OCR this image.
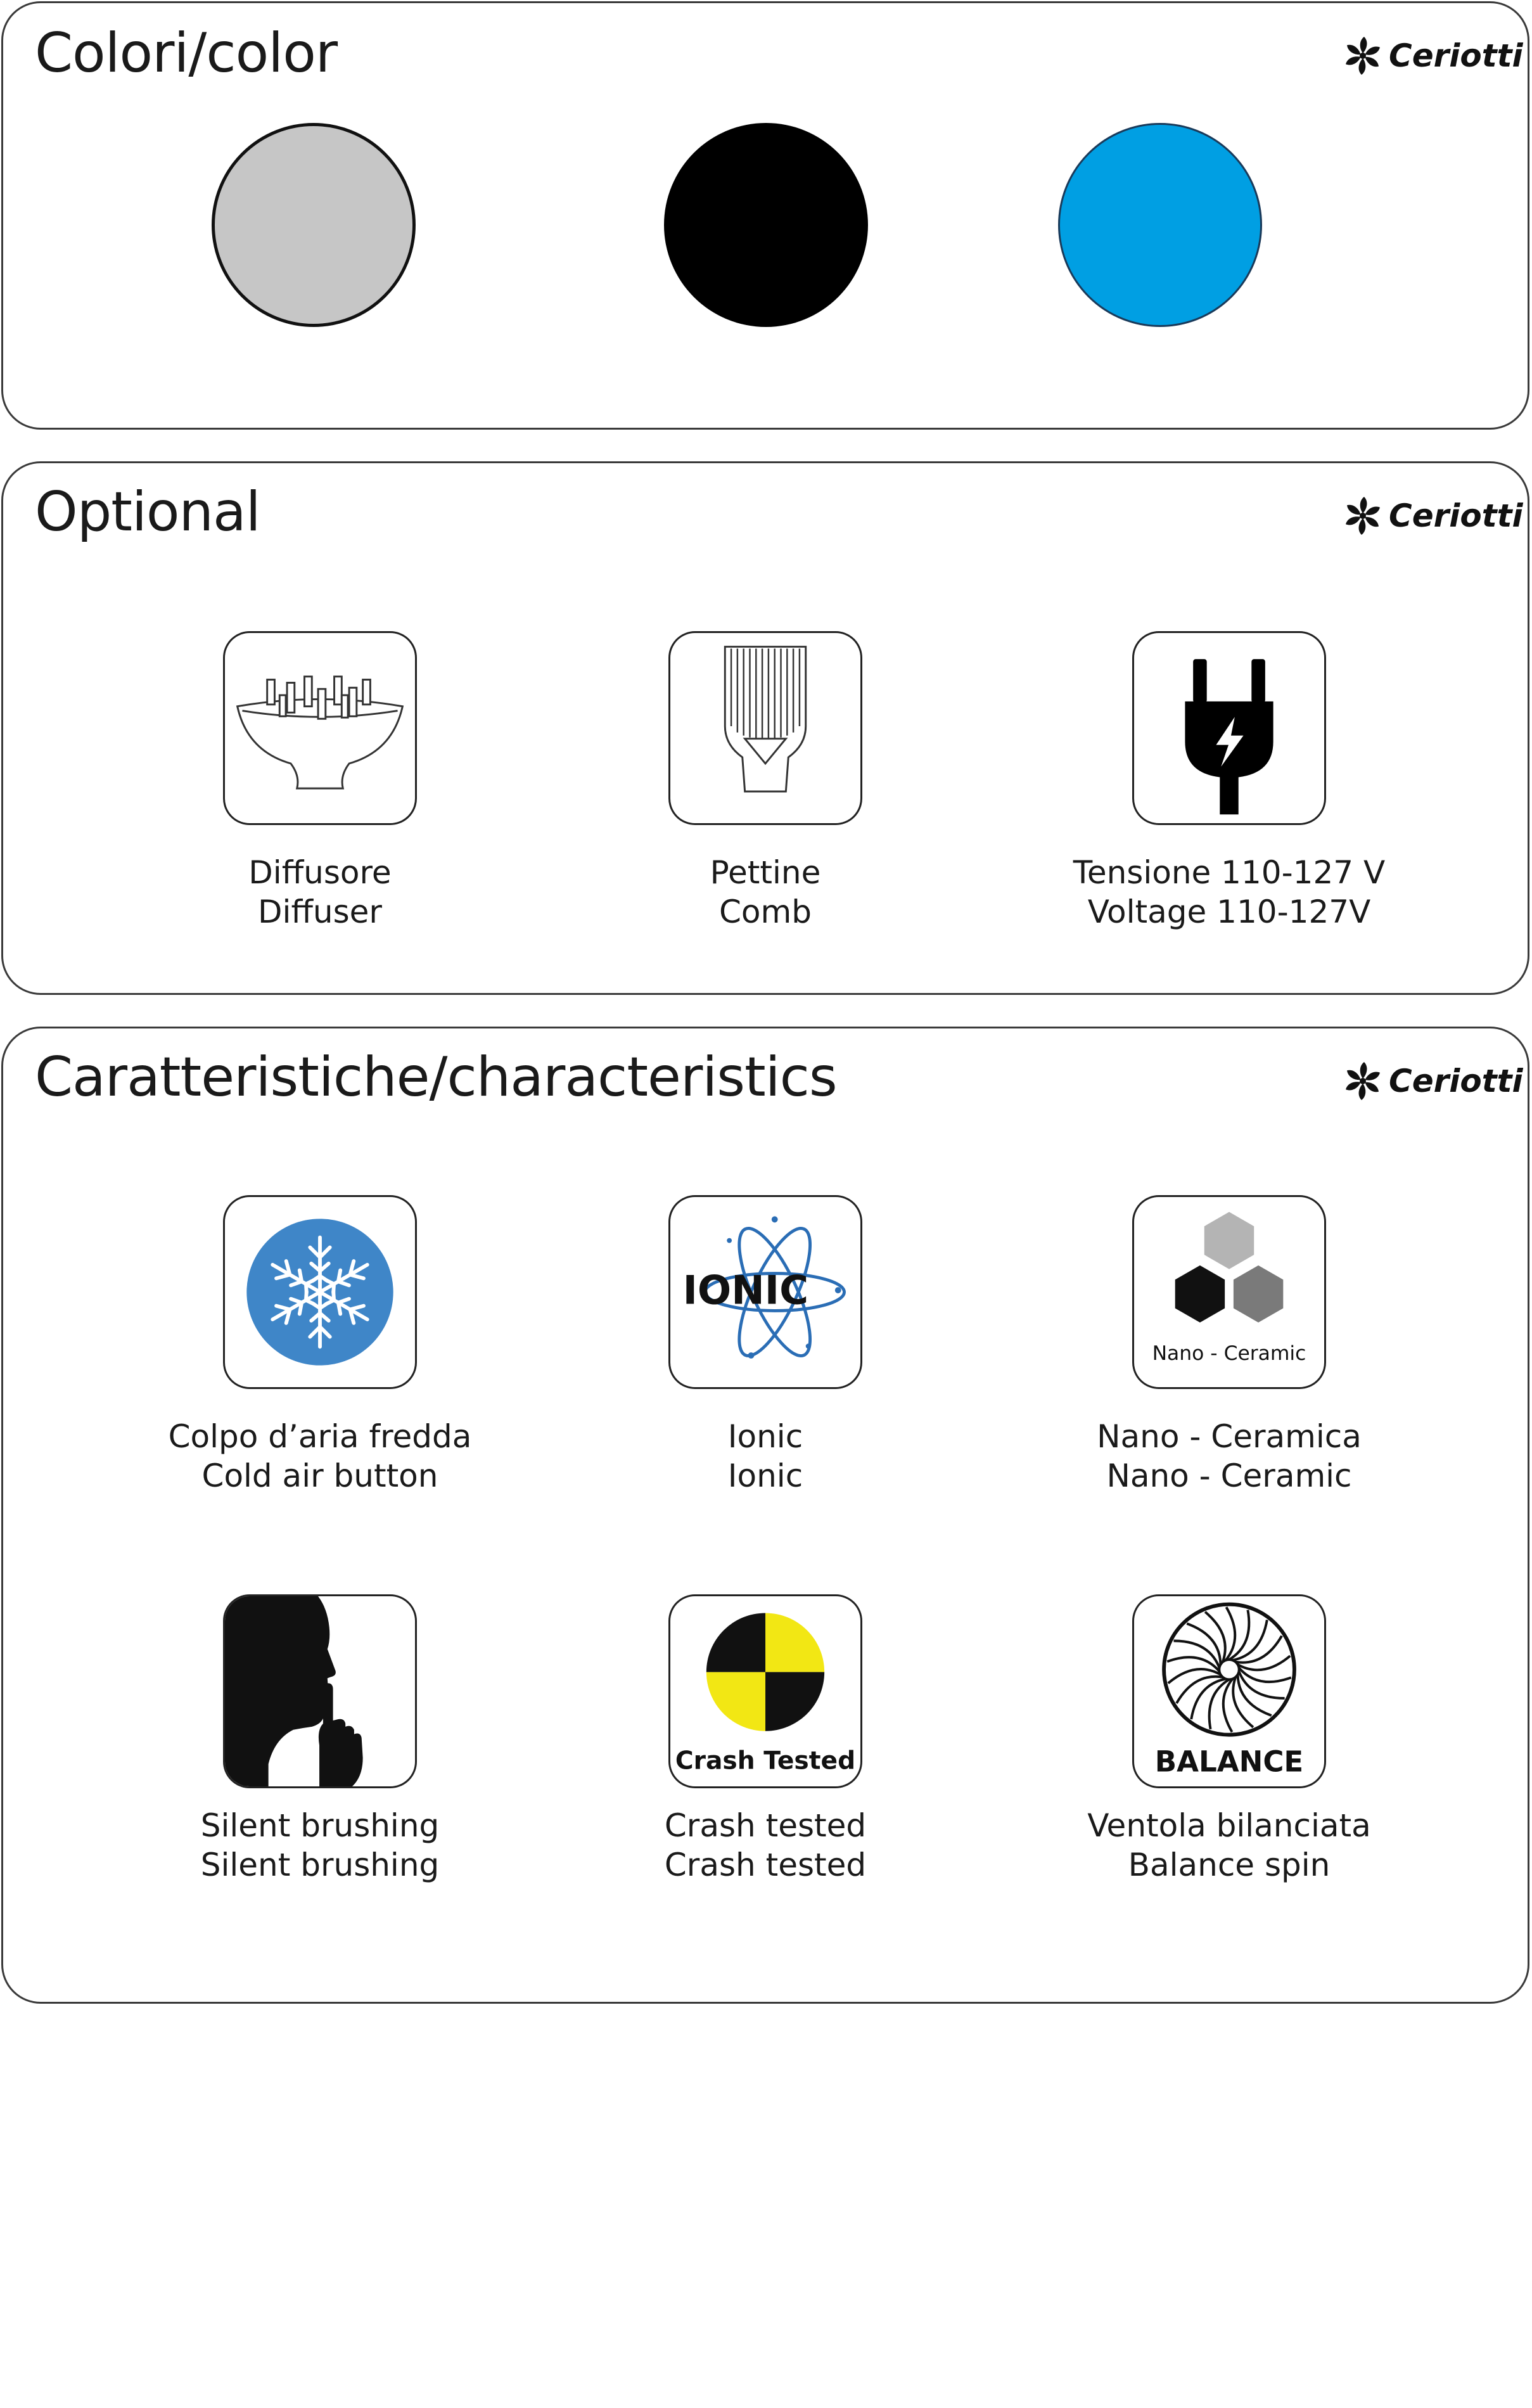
Colori/color	Ceriotti
Optional	Ceriotti
Diffusore
Diffuser
Pettine
Comb
Tensione 110-127 V
Voltage 110-127V
Caratteristiche/characteristics	Ceriotti
Colpo d’aria fredda
Cold air button
IONIC
Ionic
Ionic
Nano - Ceramic
Nano - Ceramica
Nano - Ceramic
Silent brushing
Silent brushing
Crash Tested
Crash tested
Crash tested
BALANCE
Ventola bilanciata
Balance spin
